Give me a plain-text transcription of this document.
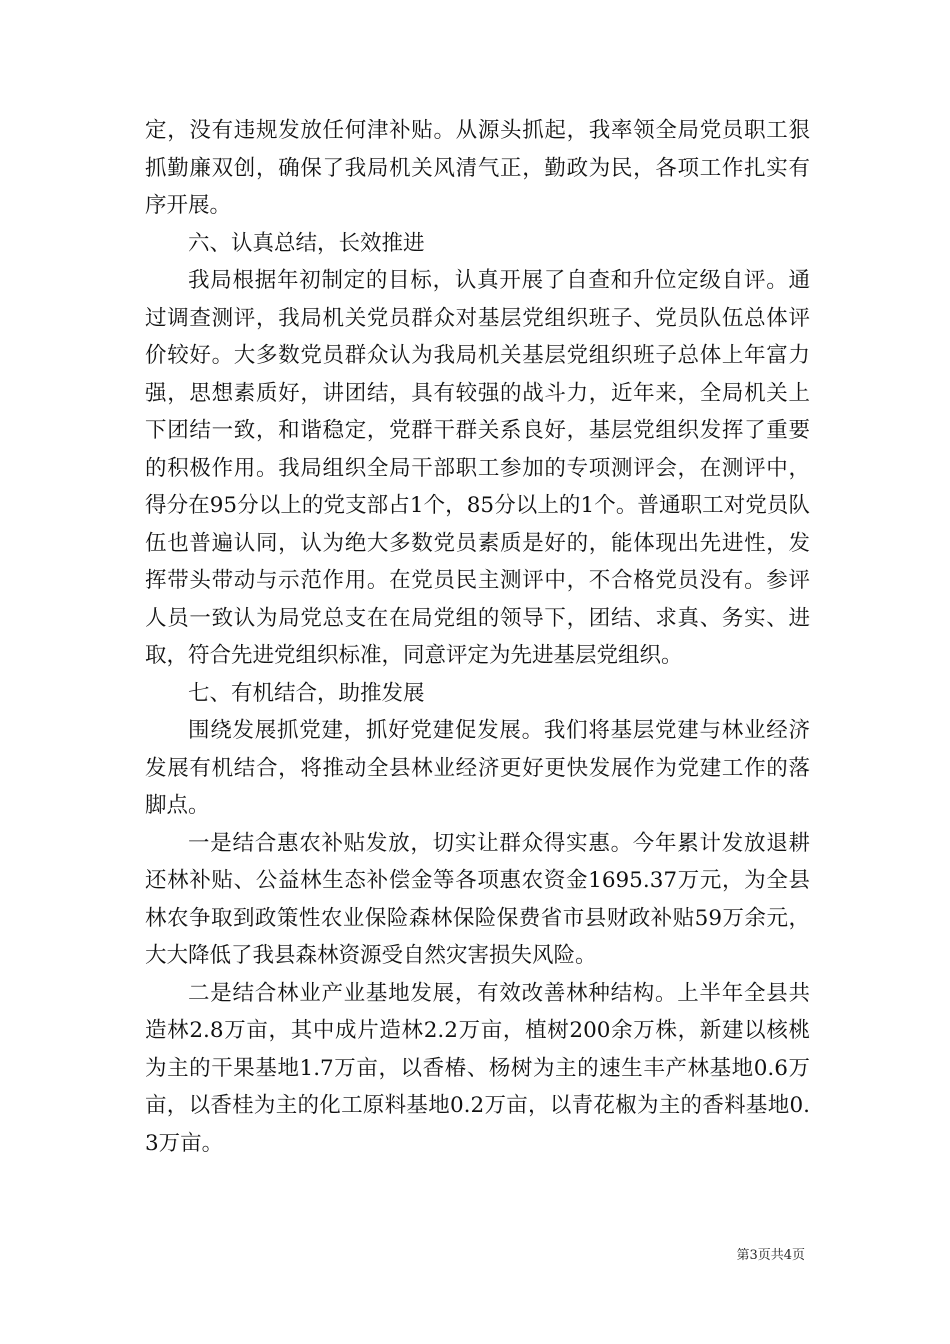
定，没有违规发放任何津补贴。从源头抓起，我率领全局党员职工狠抓勤廉双创，确保了我局机关风清气正，勤政为民，各项工作扎实有序开展。

六、认真总结，长效推进

我局根据年初制定的目标，认真开展了自查和升位定级自评。通过调查测评，我局机关党员群众对基层党组织班子、党员队伍总体评价较好。大多数党员群众认为我局机关基层党组织班子总体上年富力强，思想素质好，讲团结，具有较强的战斗力，近年来，全局机关上下团结一致，和谐稳定，党群干群关系良好，基层党组织发挥了重要的积极作用。我局组织全局干部职工参加的专项测评会，在测评中，得分在95分以上的党支部占1个，85分以上的1个。普通职工对党员队伍也普遍认同，认为绝大多数党员素质是好的，能体现出先进性，发挥带头带动与示范作用。在党员民主测评中，不合格党员没有。参评人员一致认为局党总支在在局党组的领导下，团结、求真、务实、进取，符合先进党组织标准，同意评定为先进基层党组织。

七、有机结合，助推发展

围绕发展抓党建，抓好党建促发展。我们将基层党建与林业经济发展有机结合，将推动全县林业经济更好更快发展作为党建工作的落脚点。

一是结合惠农补贴发放，切实让群众得实惠。今年累计发放退耕还林补贴、公益林生态补偿金等各项惠农资金1695.37万元，为全县林农争取到政策性农业保险森林保险保费省市县财政补贴59万余元，大大降低了我县森林资源受自然灾害损失风险。

二是结合林业产业基地发展，有效改善林种结构。上半年全县共造林2.8万亩，其中成片造林2.2万亩，植树200余万株，新建以核桃为主的干果基地1.7万亩，以香椿、杨树为主的速生丰产林基地0.6万亩，以香桂为主的化工原料基地0.2万亩，以青花椒为主的香料基地0.3万亩。

第3页共4页
